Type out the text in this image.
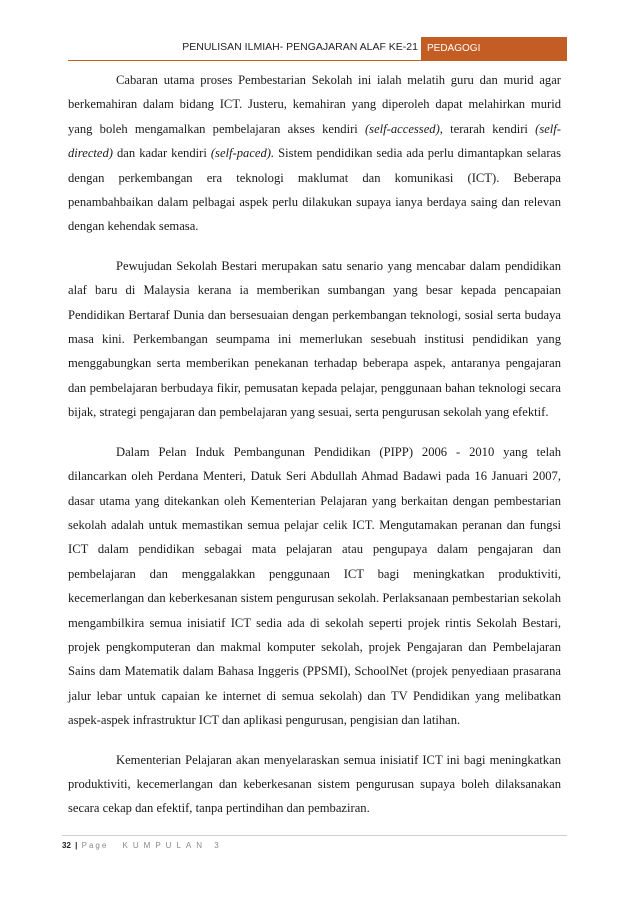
PENULISAN ILMIAH- PENGAJARAN ALAF KE-21 PEDAGOGI

Cabaran utama proses Pembestarian Sekolah ini ialah melatih guru dan murid agar berkemahiran dalam bidang ICT. Justeru, kemahiran yang diperoleh dapat melahirkan murid yang boleh mengamalkan pembelajaran akses kendiri (self-accessed), terarah kendiri (self-directed) dan kadar kendiri (self-paced). Sistem pendidikan sedia ada perlu dimantapkan selaras dengan perkembangan era teknologi maklumat dan komunikasi (ICT). Beberapa penambahbaikan dalam pelbagai aspek perlu dilakukan supaya ianya berdaya saing dan relevan dengan kehendak semasa.

Pewujudan Sekolah Bestari merupakan satu senario yang mencabar dalam pendidikan alaf baru di Malaysia kerana ia memberikan sumbangan yang besar kepada pencapaian Pendidikan Bertaraf Dunia dan bersesuaian dengan perkembangan teknologi, sosial serta budaya masa kini. Perkembangan seumpama ini memerlukan sesebuah institusi pendidikan yang menggabungkan serta memberikan penekanan terhadap beberapa aspek, antaranya pengajaran dan pembelajaran berbudaya fikir, pemusatan kepada pelajar, penggunaan bahan teknologi secara bijak, strategi pengajaran dan pembelajaran yang sesuai, serta pengurusan sekolah yang efektif.

Dalam Pelan Induk Pembangunan Pendidikan (PIPP) 2006 - 2010 yang telah dilancarkan oleh Perdana Menteri, Datuk Seri Abdullah Ahmad Badawi pada 16 Januari 2007, dasar utama yang ditekankan oleh Kementerian Pelajaran yang berkaitan dengan pembestarian sekolah adalah untuk memastikan semua pelajar celik ICT. Mengutamakan peranan dan fungsi ICT dalam pendidikan sebagai mata pelajaran atau pengupaya dalam pengajaran dan pembelajaran dan menggalakkan penggunaan ICT bagi meningkatkan produktiviti, kecemerlangan dan keberkesanan sistem pengurusan sekolah. Perlaksanaan pembestarian sekolah mengambilkira semua inisiatif ICT sedia ada di sekolah seperti projek rintis Sekolah Bestari, projek pengkomputeran dan makmal komputer sekolah, projek Pengajaran dan Pembelajaran Sains dam Matematik dalam Bahasa Inggeris (PPSMI), SchoolNet (projek penyediaan prasarana jalur lebar untuk capaian ke internet di semua sekolah) dan TV Pendidikan yang melibatkan aspek-aspek infrastruktur ICT dan aplikasi pengurusan, pengisian dan latihan.

Kementerian Pelajaran akan menyelaraskan semua inisiatif ICT ini bagi meningkatkan produktiviti, kecemerlangan dan keberkesanan sistem pengurusan supaya boleh dilaksanakan secara cekap dan efektif, tanpa pertindihan dan pembaziran.

32 | Page KUMPULAN 3
